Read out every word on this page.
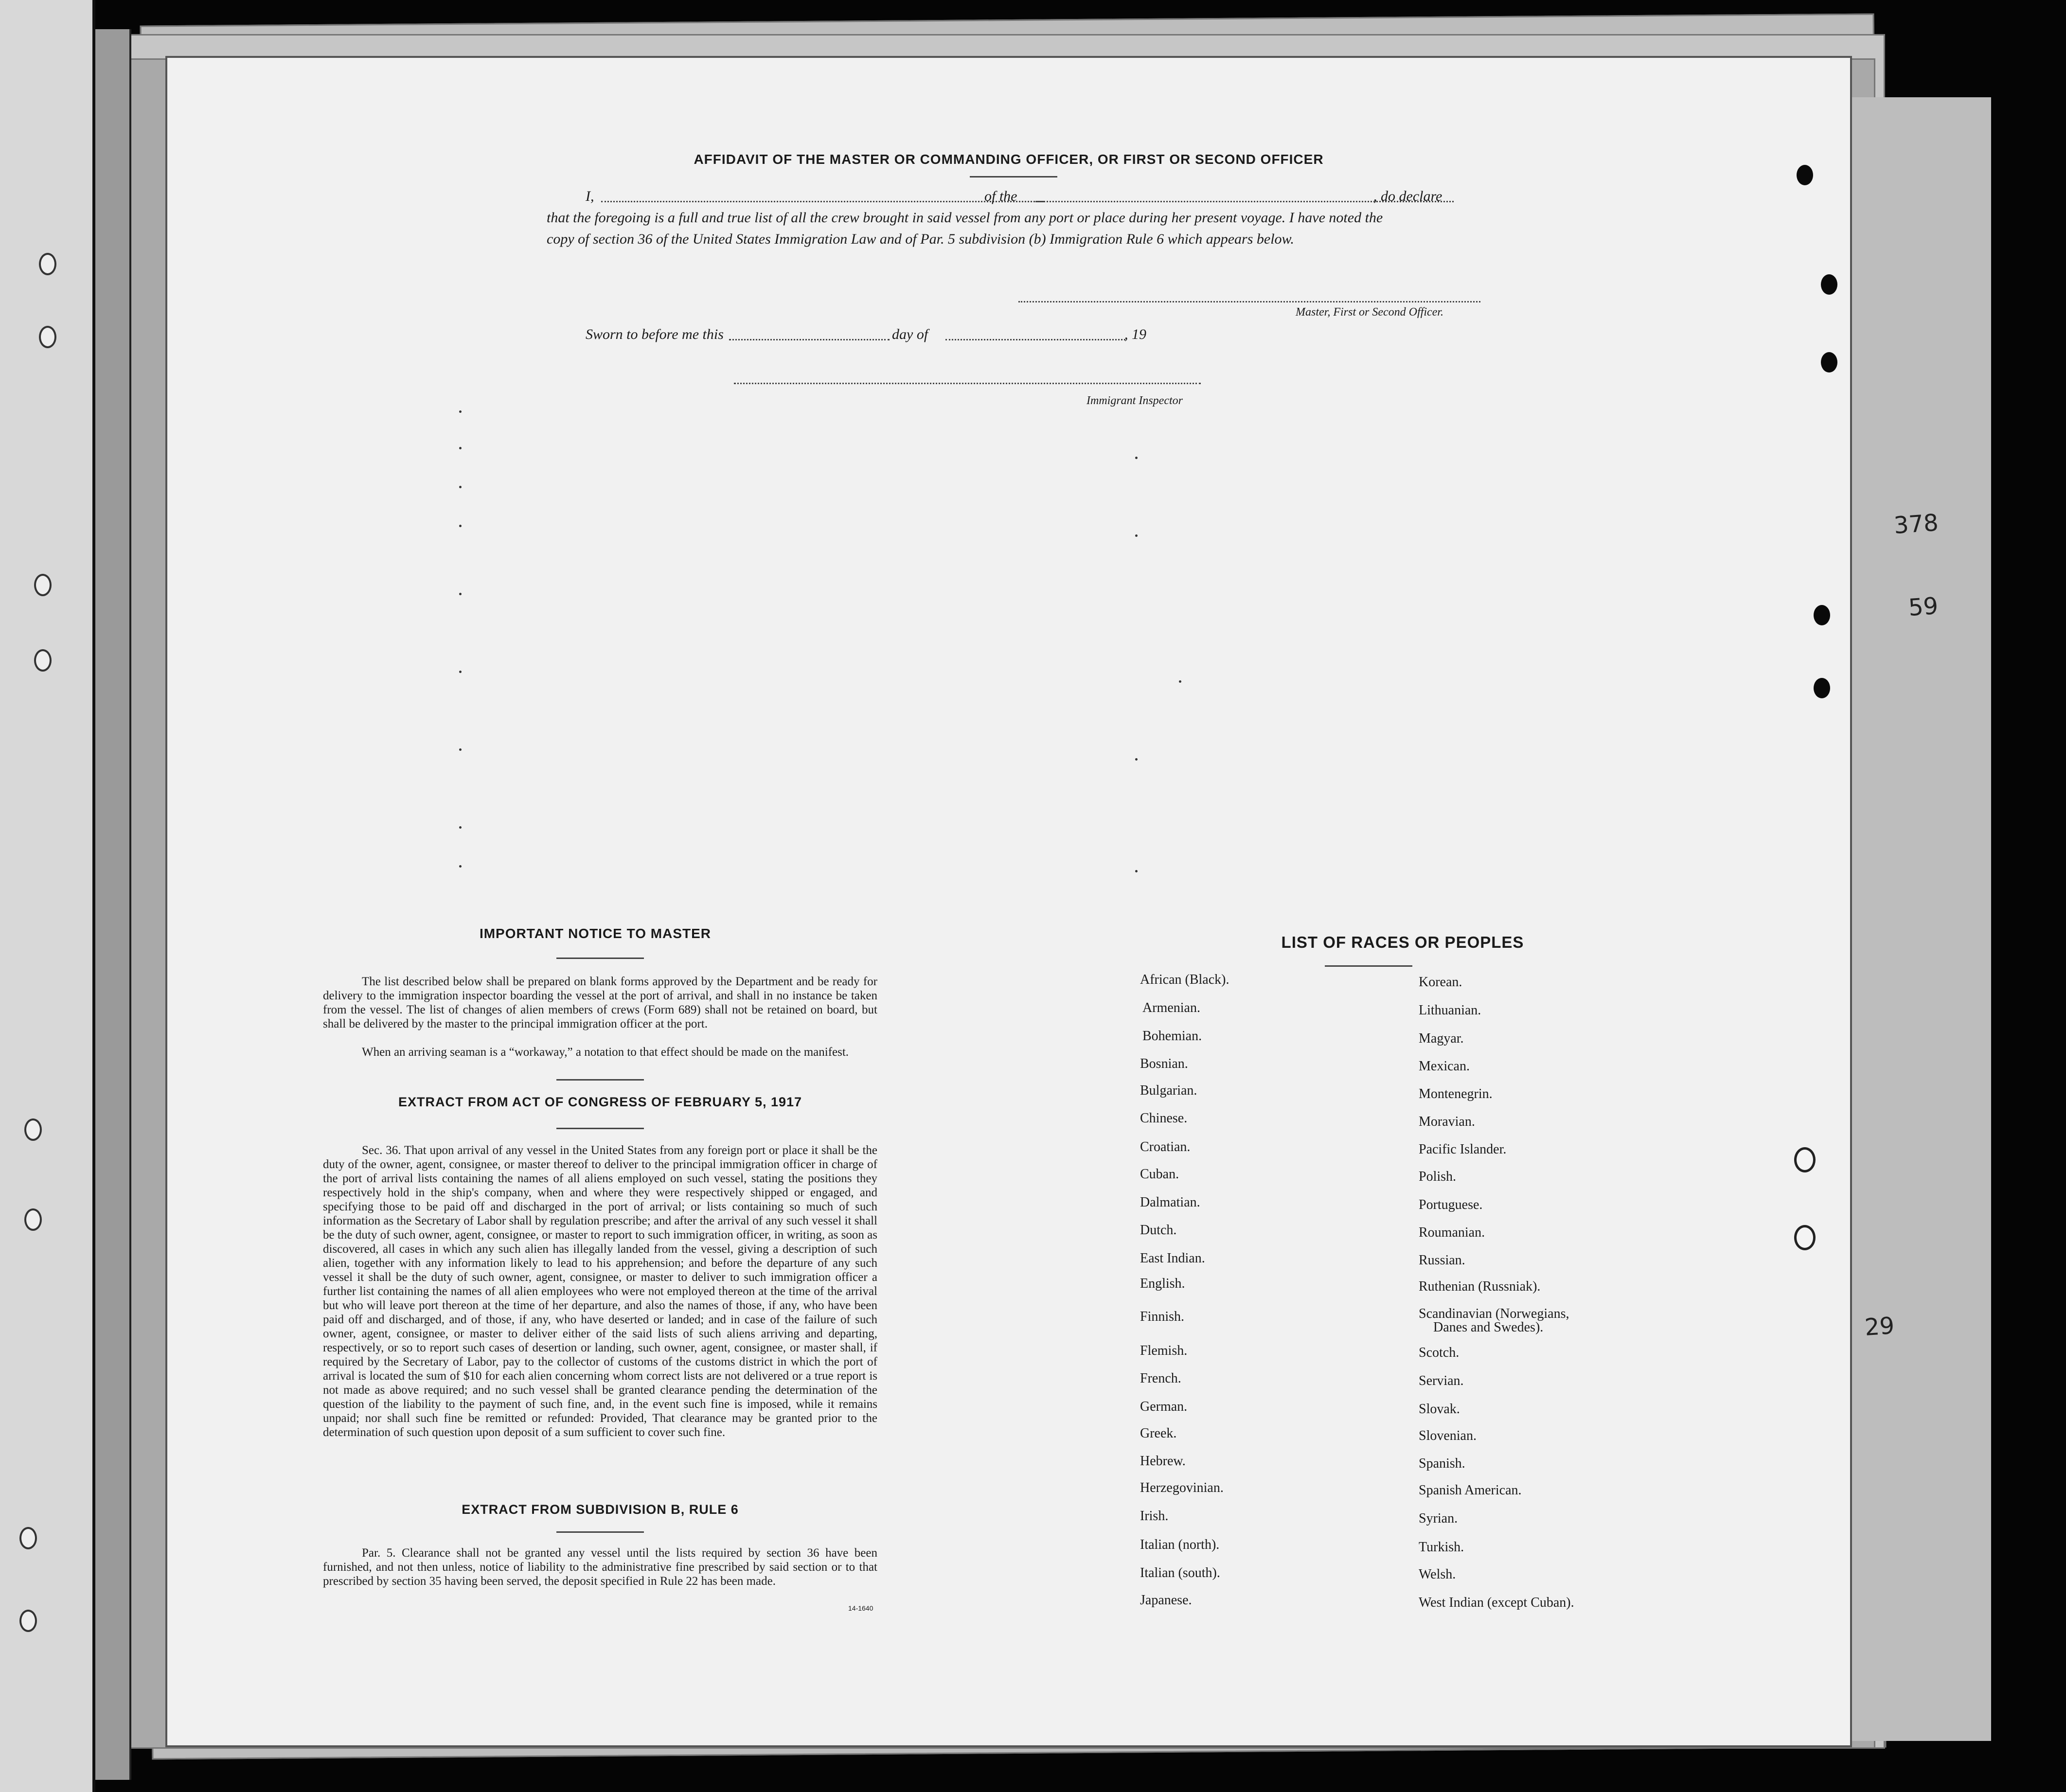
378
59
29
AFFIDAVIT OF THE MASTER OR COMMANDING OFFICER, OR FIRST OR SECOND OFFICER
I,	of the	, do declare
that the foregoing is a full and true list of all the crew brought in said vessel from any port or place during her present voyage. I have noted the
copy of section 36 of the United States Immigration Law and of Par. 5 subdivision (b) Immigration Rule 6 which appears below.
Master, First or Second Officer.
Sworn to before me this	day of	, 19
Immigrant Inspector
IMPORTANT NOTICE TO MASTER

The list described below shall be prepared on blank forms approved by the Department and be ready for delivery to the immigration inspector boarding the vessel at the port of arrival, and shall in no instance be taken from the vessel. The list of changes of alien members of crews (Form 689) shall not be retained on board, but shall be delivered by the master to the principal immigration officer at the port.

When an arriving seaman is a “workaway,” a notation to that effect should be made on the manifest.

EXTRACT FROM ACT OF CONGRESS OF FEBRUARY 5, 1917

Sec. 36. That upon arrival of any vessel in the United States from any foreign port or place it shall be the duty of the owner, agent, consignee, or master thereof to deliver to the principal immigration officer in charge of the port of arrival lists containing the names of all aliens employed on such vessel, stating the positions they respectively hold in the ship's company, when and where they were respectively shipped or engaged, and specifying those to be paid off and discharged in the port of arrival; or lists containing so much of such information as the Secretary of Labor shall by regulation prescribe; and after the arrival of any such vessel it shall be the duty of such owner, agent, consignee, or master to report to such immigration officer, in writing, as soon as discovered, all cases in which any such alien has illegally landed from the vessel, giving a description of such alien, together with any information likely to lead to his apprehension; and before the departure of any such vessel it shall be the duty of such owner, agent, consignee, or master to deliver to such immigration officer a further list containing the names of all alien employees who were not employed thereon at the time of the arrival but who will leave port thereon at the time of her departure, and also the names of those, if any, who have been paid off and discharged, and of those, if any, who have deserted or landed; and in case of the failure of such owner, agent, consignee, or master to deliver either of the said lists of such aliens arriving and departing, respectively, or so to report such cases of desertion or landing, such owner, agent, consignee, or master shall, if required by the Secretary of Labor, pay to the collector of customs of the customs district in which the port of arrival is located the sum of $10 for each alien concerning whom correct lists are not delivered or a true report is not made as above required; and no such vessel shall be granted clearance pending the determination of the question of the liability to the payment of such fine, and, in the event such fine is imposed, while it remains unpaid; nor shall such fine be remitted or refunded: Provided, That clearance may be granted prior to the determination of such question upon deposit of a sum sufficient to cover such fine.

EXTRACT FROM SUBDIVISION B, RULE 6

Par. 5. Clearance shall not be granted any vessel until the lists required by section 36 have been furnished, and not then unless, notice of liability to the administrative fine prescribed by said section or to that prescribed by section 35 having been served, the deposit specified in Rule 22 has been made.

14-1640
LIST OF RACES OR PEOPLES
African (Black).
Armenian.
Bohemian.
Bosnian.
Bulgarian.
Chinese.
Croatian.
Cuban.
Dalmatian.
Dutch.
East Indian.
English.
Finnish.
Flemish.
French.
German.
Greek.
Hebrew.
Herzegovinian.
Irish.
Italian (north).
Italian (south).
Japanese.
Korean.
Lithuanian.
Magyar.
Mexican.
Montenegrin.
Moravian.
Pacific Islander.
Polish.
Portuguese.
Roumanian.
Russian.
Ruthenian (Russniak).
Scandinavian (Norwegians,
Danes and Swedes).
Scotch.
Servian.
Slovak.
Slovenian.
Spanish.
Spanish American.
Syrian.
Turkish.
Welsh.
West Indian (except Cuban).
